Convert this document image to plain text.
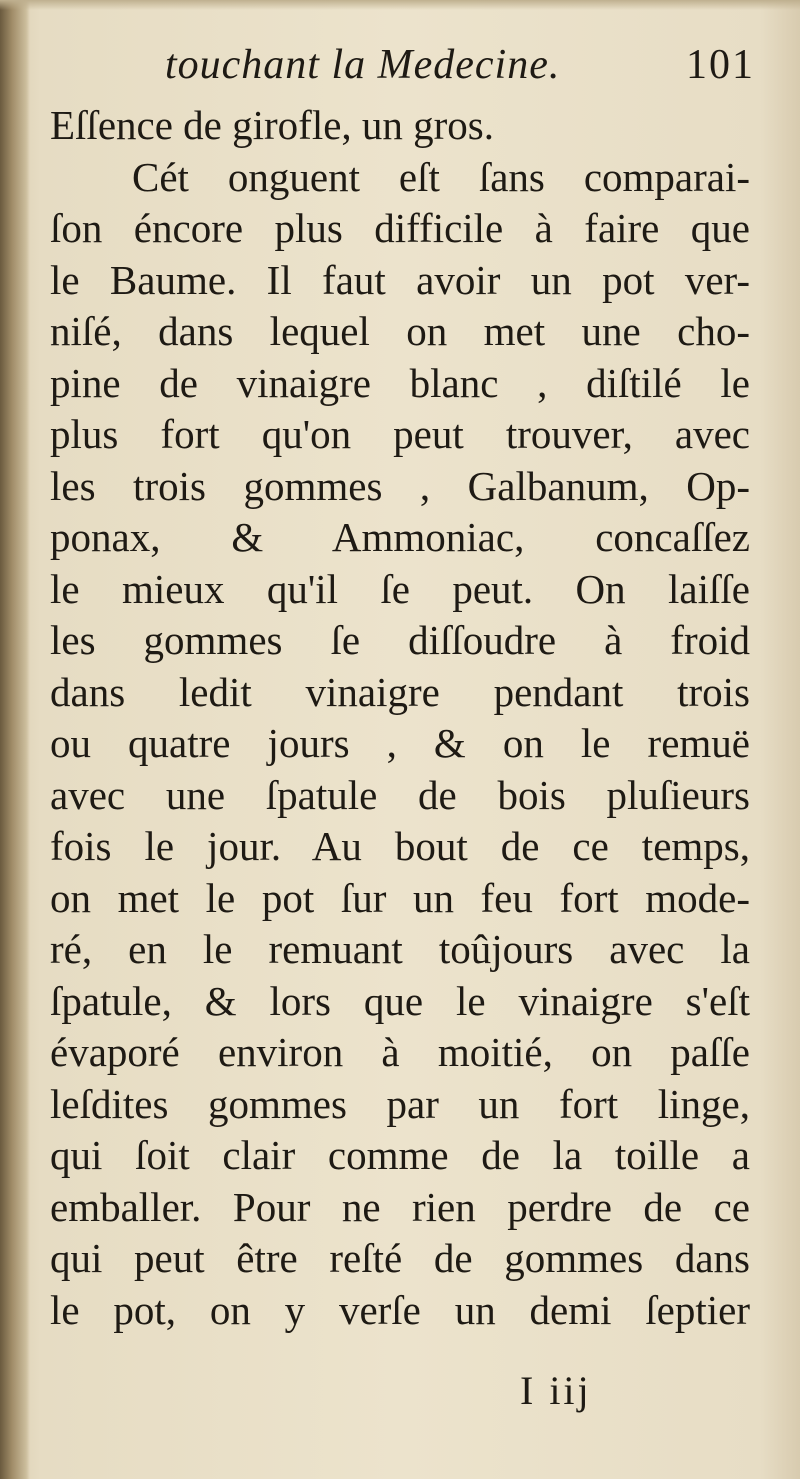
touchant la Medecine.	101
Eſſence de girofle, un gros.
Cét onguent eſt ſans comparai-
ſon éncore plus difficile à faire que
le Baume. Il faut avoir un pot ver-
niſé, dans lequel on met une cho-
pine de vinaigre blanc , diſtilé le
plus fort qu'on peut trouver, avec
les trois gommes , Galbanum, Op-
ponax, & Ammoniac, concaſſez
le mieux qu'il ſe peut. On laiſſe
les gommes ſe diſſoudre à froid
dans ledit vinaigre pendant trois
ou quatre jours , & on le remuë
avec une ſpatule de bois pluſieurs
fois le jour. Au bout de ce temps,
on met le pot ſur un feu fort mode-
ré, en le remuant toûjours avec la
ſpatule, & lors que le vinaigre s'eſt
évaporé environ à moitié, on paſſe
leſdites gommes par un fort linge,
qui ſoit clair comme de la toille a
emballer. Pour ne rien perdre de ce
qui peut être reſté de gommes dans
le pot, on y verſe un demi ſeptier
I iij
